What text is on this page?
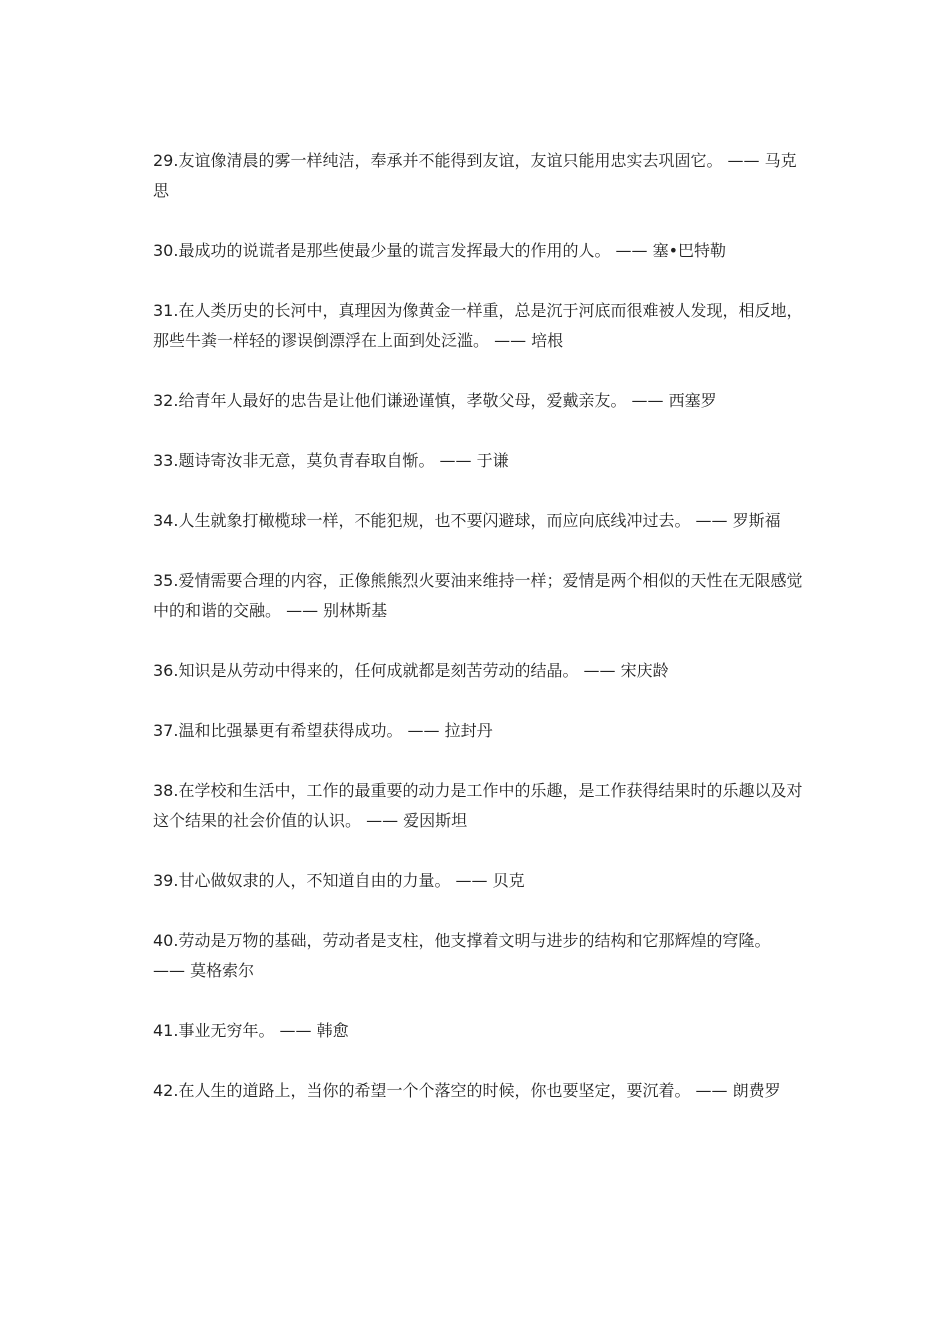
29.友谊像清晨的雾一样纯洁，奉承并不能得到友谊，友谊只能用忠实去巩固它。 —— 马克思
30.最成功的说谎者是那些使最少量的谎言发挥最大的作用的人。 —— 塞•巴特勒
31.在人类历史的长河中，真理因为像黄金一样重，总是沉于河底而很难被人发现，相反地，那些牛粪一样轻的谬误倒漂浮在上面到处泛滥。 —— 培根
32.给青年人最好的忠告是让他们谦逊谨慎，孝敬父母，爱戴亲友。 —— 西塞罗
33.题诗寄汝非无意，莫负青春取自惭。 —— 于谦
34.人生就象打橄榄球一样，不能犯规，也不要闪避球，而应向底线冲过去。 —— 罗斯福
35.爱情需要合理的内容，正像熊熊烈火要油来维持一样；爱情是两个相似的天性在无限感觉中的和谐的交融。 —— 别林斯基
36.知识是从劳动中得来的，任何成就都是刻苦劳动的结晶。 —— 宋庆龄
37.温和比强暴更有希望获得成功。 —— 拉封丹
38.在学校和生活中，工作的最重要的动力是工作中的乐趣，是工作获得结果时的乐趣以及对这个结果的社会价值的认识。 —— 爱因斯坦
39.甘心做奴隶的人，不知道自由的力量。 —— 贝克
40.劳动是万物的基础，劳动者是支柱，他支撑着文明与进步的结构和它那辉煌的穹隆。 —— 莫格索尔
41.事业无穷年。 —— 韩愈
42.在人生的道路上，当你的希望一个个落空的时候，你也要坚定，要沉着。 —— 朗费罗
